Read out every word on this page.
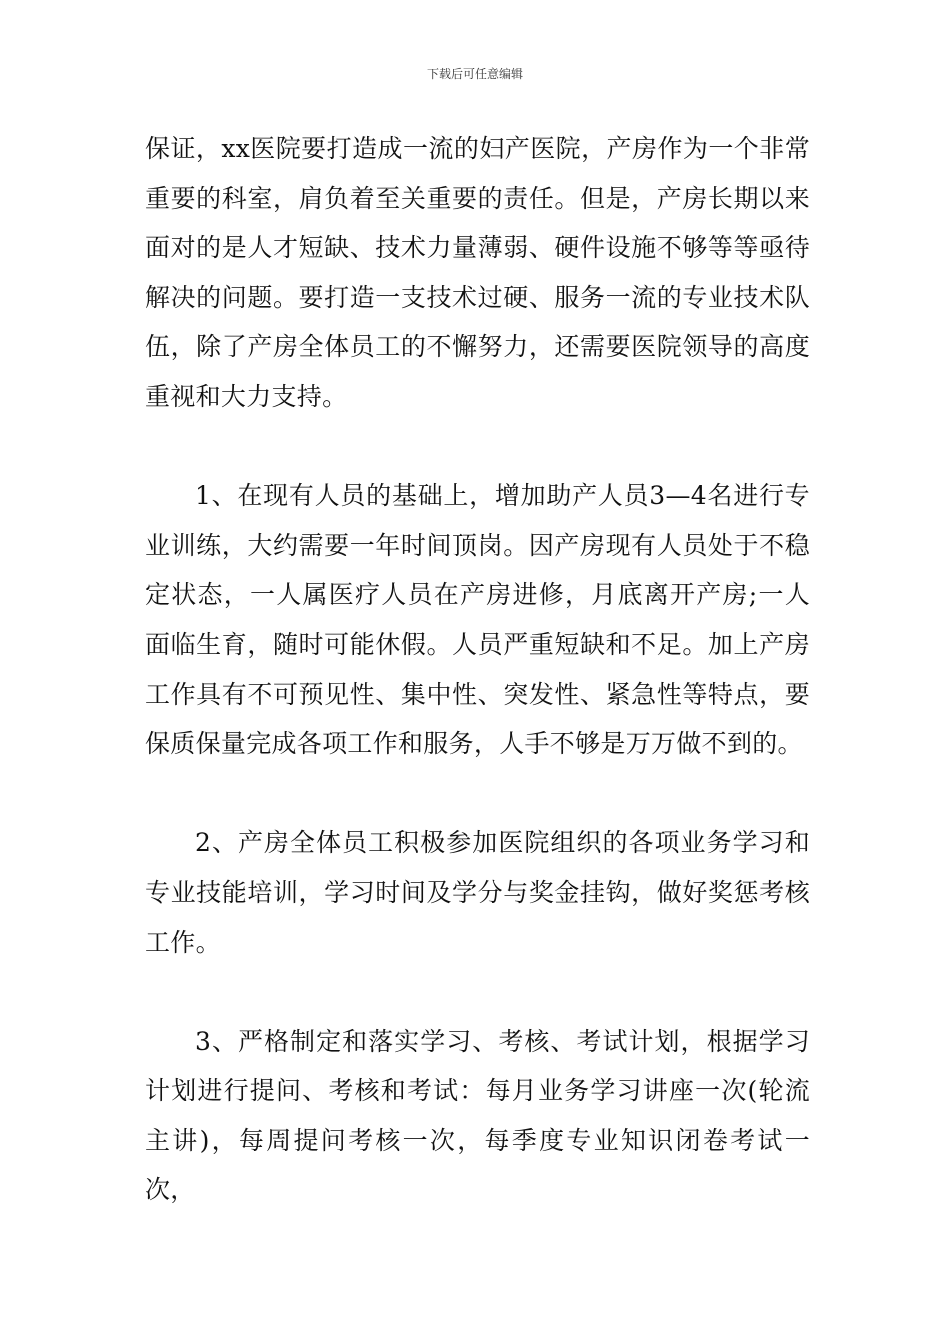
下载后可任意编辑

保证，xx医院要打造成一流的妇产医院，产房作为一个非常重要的科室，肩负着至关重要的责任。但是，产房长期以来面对的是人才短缺、技术力量薄弱、硬件设施不够等等亟待解决的问题。要打造一支技术过硬、服务一流的专业技术队伍，除了产房全体员工的不懈努力，还需要医院领导的高度重视和大力支持。

1、在现有人员的基础上，增加助产人员3—4名进行专业训练，大约需要一年时间顶岗。因产房现有人员处于不稳定状态，一人属医疗人员在产房进修，月底离开产房;一人面临生育，随时可能休假。人员严重短缺和不足。加上产房工作具有不可预见性、集中性、突发性、紧急性等特点，要保质保量完成各项工作和服务，人手不够是万万做不到的。

2、产房全体员工积极参加医院组织的各项业务学习和专业技能培训，学习时间及学分与奖金挂钩，做好奖惩考核工作。

3、严格制定和落实学习、考核、考试计划，根据学习计划进行提问、考核和考试：每月业务学习讲座一次(轮流主讲)，每周提问考核一次，每季度专业知识闭卷考试一次，
